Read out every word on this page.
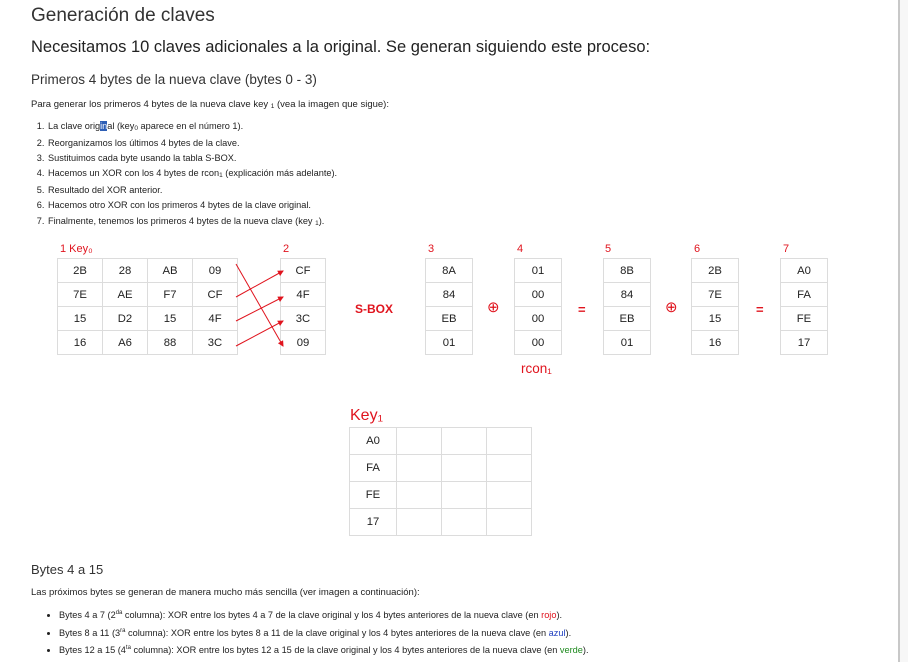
Generación de claves

Necesitamos 10 claves adicionales a la original. Se generan siguiendo este proceso:

Primeros 4 bytes de la nueva clave (bytes 0 - 3)

Para generar los primeros 4 bytes de la nueva clave key 1 (vea la imagen que sigue):

1. La clave original (key0 aparece en el número 1).
2. Reorganizamos los últimos 4 bytes de la clave.
3. Sustituimos cada byte usando la tabla S-BOX.
4. Hacemos un XOR con los 4 bytes de rcon1 (explicación más adelante).
5. Resultado del XOR anterior.
6. Hacemos otro XOR con los primeros 4 bytes de la clave original.
7. Finalmente, tenemos los primeros 4 bytes de la nueva clave (key 1).
1 Key₀	2	3	4	5	6	7
2B	28	AB	09
7E	AE	F7	CF
15	D2	15	4F
16	A6	88	3C
CF
4F
3C
09
S-BOX
8A
84
EB
01
⊕
01
00
00
00
=
8B
84
EB
01
⊕
2B
7E
15
16
=
A0
FA
FE
17
rcon₁
Key₁
A0			
FA			
FE			
17			
Bytes 4 a 15

Las próximos bytes se generan de manera mucho más sencilla (ver imagen a continuación):

• Bytes 4 a 7 ($2^{da}$ columna): XOR entre los bytes 4 a 7 de la clave original y los 4 bytes anteriores de la nueva clave (en rojo).
• Bytes 8 a 11 ($3^{ra}$ columna): XOR entre los bytes 8 a 11 de la clave original y los 4 bytes anteriores de la nueva clave (en azul).
• Bytes 12 a 15 ($4^{ta}$ columna): XOR entre los bytes 12 a 15 de la clave original y los 4 bytes anteriores de la nueva clave (en verde).
